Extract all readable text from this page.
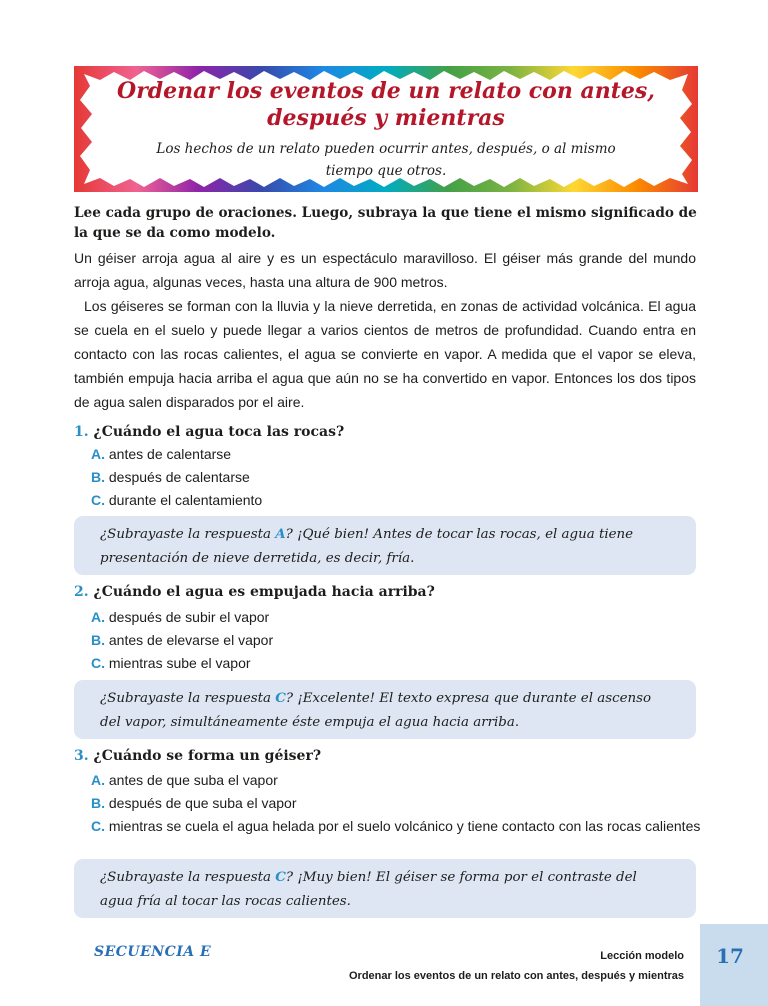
Ordenar los eventos de un relato con antes, después y mientras
Los hechos de un relato pueden ocurrir antes, después, o al mismo tiempo que otros.
Lee cada grupo de oraciones. Luego, subraya la que tiene el mismo significado de la que se da como modelo.
Un géiser arroja agua al aire y es un espectáculo maravilloso. El géiser más grande del mundo arroja agua, algunas veces, hasta una altura de 900 metros.
Los géiseres se forman con la lluvia y la nieve derretida, en zonas de actividad volcánica. El agua se cuela en el suelo y puede llegar a varios cientos de metros de profundidad. Cuando entra en contacto con las rocas calientes, el agua se convierte en vapor. A medida que el vapor se eleva, también empuja hacia arriba el agua que aún no se ha convertido en vapor. Entonces los dos tipos de agua salen disparados por el aire.
1. ¿Cuándo el agua toca las rocas?
A. antes de calentarse
B. después de calentarse
C. durante el calentamiento
¿Subrayaste la respuesta A? ¡Qué bien! Antes de tocar las rocas, el agua tiene presentación de nieve derretida, es decir, fría.
2. ¿Cuándo el agua es empujada hacia arriba?
A. después de subir el vapor
B. antes de elevarse el vapor
C. mientras sube el vapor
¿Subrayaste la respuesta C? ¡Excelente! El texto expresa que durante el ascenso del vapor, simultáneamente éste empuja el agua hacia arriba.
3. ¿Cuándo se forma un géiser?
A. antes de que suba el vapor
B. después de que suba el vapor
C. mientras se cuela el agua helada por el suelo volcánico y tiene contacto con las rocas calientes
¿Subrayaste la respuesta C? ¡Muy bien! El géiser se forma por el contraste del agua fría al tocar las rocas calientes.
SECUENCIA E	Lección modelo
Ordenar los eventos de un relato con antes, después y mientras
17
